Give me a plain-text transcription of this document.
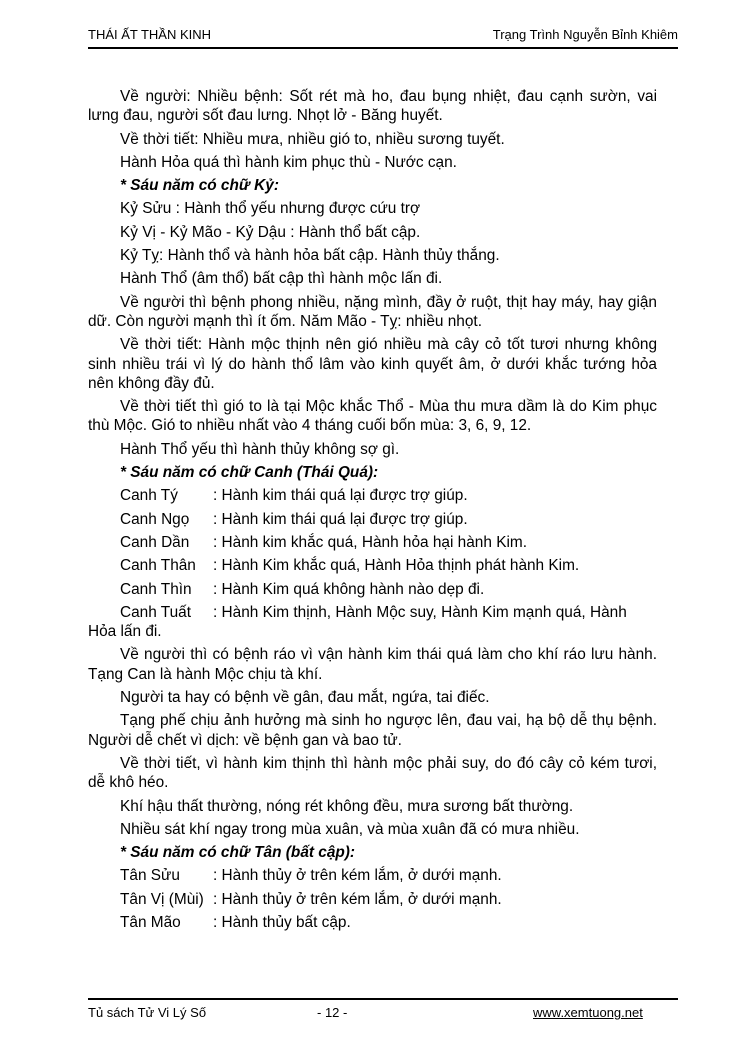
THÁI ẤT THẦN KINH	Trạng Trình Nguyễn Bỉnh Khiêm

Về người: Nhiều bệnh: Sốt rét mà ho, đau bụng nhiệt, đau cạnh sườn, vai lưng đau, người sốt đau lưng. Nhọt lở - Băng huyết.

Về thời tiết: Nhiều mưa, nhiều gió to, nhiều sương tuyết.

Hành Hỏa quá thì hành kim phục thù - Nước cạn.

* Sáu năm có chữ Kỷ:

Kỷ Sửu : Hành thổ yếu nhưng được cứu trợ

Kỷ Vị - Kỷ Mão - Kỷ Dậu : Hành thổ bất cập.

Kỷ Tỵ: Hành thổ và hành hỏa bất cập. Hành thủy thắng.

Hành Thổ (âm thổ) bất cập thì hành mộc lấn đi.

Về người thì bệnh phong nhiều, nặng mình, đầy ở ruột, thịt hay máy, hay giận dữ. Còn người mạnh thì ít ốm. Năm Mão - Tỵ: nhiều nhọt.

Về thời tiết: Hành mộc thịnh nên gió nhiều mà cây cỏ tốt tươi nhưng không sinh nhiều trái vì lý do hành thổ lâm vào kinh quyết âm, ở dưới khắc tướng hỏa nên không đầy đủ.

Về thời tiết thì gió to là tại Mộc khắc Thổ - Mùa thu mưa dầm là do Kim phục thù Mộc. Gió to nhiều nhất vào 4 tháng cuối bốn mùa: 3, 6, 9, 12.

Hành Thổ yếu thì hành thủy không sợ gì.

* Sáu năm có chữ Canh (Thái Quá):

Canh Tý : Hành kim thái quá lại được trợ giúp.

Canh Ngọ : Hành kim thái quá lại được trợ giúp.

Canh Dần : Hành kim khắc quá, Hành hỏa hại hành Kim.

Canh Thân : Hành Kim khắc quá, Hành Hỏa thịnh phát hành Kim.

Canh Thìn : Hành Kim quá không hành nào dẹp đi.

Canh Tuất : Hành Kim thịnh, Hành Mộc suy, Hành Kim mạnh quá, Hành Hỏa lấn đi.

Về người thì có bệnh ráo vì vận hành kim thái quá làm cho khí ráo lưu hành. Tạng Can là hành Mộc chịu tà khí.

Người ta hay có bệnh về gân, đau mắt, ngứa, tai điếc.

Tạng phế chịu ảnh hưởng mà sinh ho ngược lên, đau vai, hạ bộ dễ thụ bệnh. Người dễ chết vì dịch: về bệnh gan và bao tử.

Về thời tiết, vì hành kim thịnh thì hành mộc phải suy, do đó cây cỏ kém tươi, dễ khô héo.

Khí hậu thất thường, nóng rét không đều, mưa sương bất thường.

Nhiều sát khí ngay trong mùa xuân, và mùa xuân đã có mưa nhiều.

* Sáu năm có chữ Tân (bất cập):

Tân Sửu : Hành thủy ở trên kém lắm, ở dưới mạnh.

Tân Vị (Mùi) : Hành thủy ở trên kém lắm, ở dưới mạnh.

Tân Mão : Hành thủy bất cập.

Tủ sách Tử Vi Lý Số	- 12 -	www.xemtuong.net
